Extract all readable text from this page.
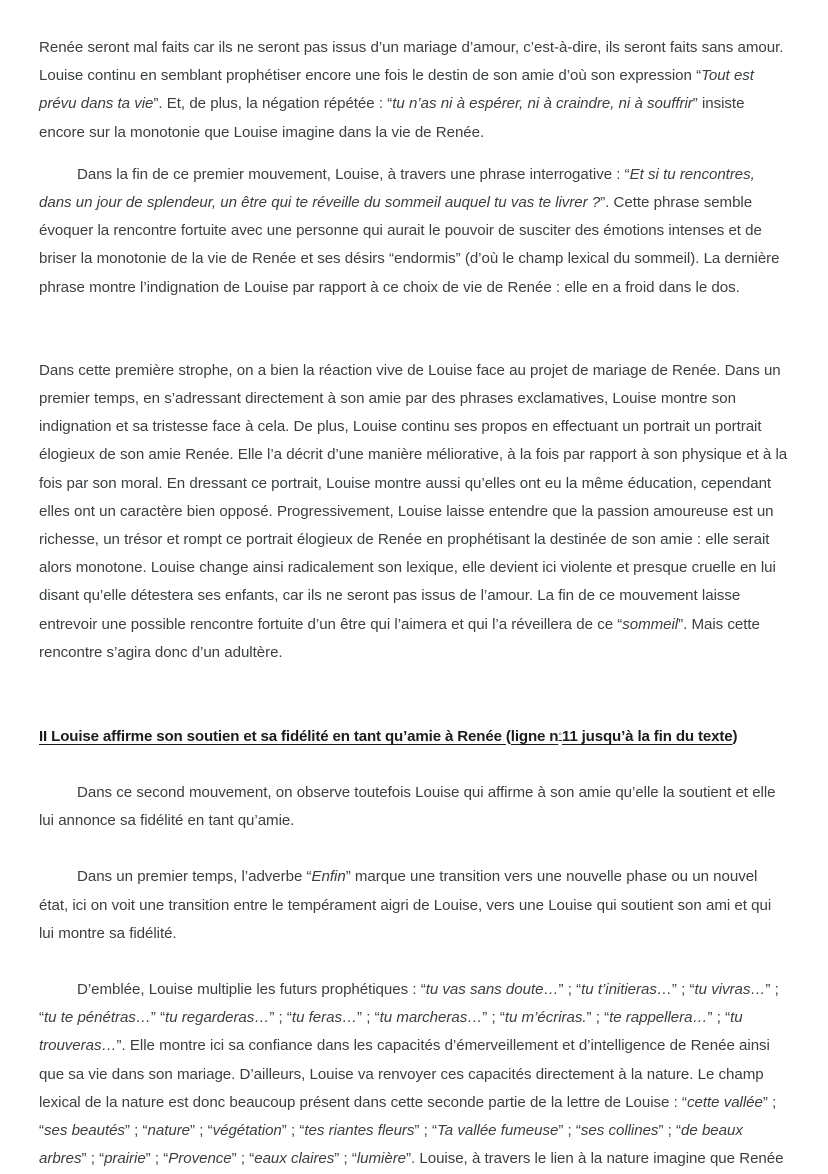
Renée seront mal faits car ils ne seront pas issus d’un mariage d’amour, c’est-à-dire, ils seront faits sans amour. Louise continu en semblant prophétiser encore une fois le destin de son amie d’où son expression “Tout est prévu dans ta vie”. Et, de plus, la négation répétée : “tu n’as ni à espérer, ni à craindre, ni à souffrir” insiste encore sur la monotonie que Louise imagine dans la vie de Renée.

Dans la fin de ce premier mouvement, Louise, à travers une phrase interrogative : “Et si tu rencontres, dans un jour de splendeur, un être qui te réveille du sommeil auquel tu vas te livrer ?”. Cette phrase semble évoquer la rencontre fortuite avec une personne qui aurait le pouvoir de susciter des émotions intenses et de briser la monotonie de la vie de Renée et ses désirs “endormis” (d’où le champ lexical du sommeil). La dernière phrase montre l’indignation de Louise par rapport à ce choix de vie de Renée : elle en a froid dans le dos.

Dans cette première strophe, on a bien la réaction vive de Louise face au projet de mariage de Renée. Dans un premier temps, en s’adressant directement à son amie par des phrases exclamatives, Louise montre son indignation et sa tristesse face à cela. De plus, Louise continu ses propos en effectuant un portrait un portrait élogieux de son amie Renée. Elle l’a décrit d’une manière méliorative, à la fois par rapport à son physique et à la fois par son moral. En dressant ce portrait, Louise montre aussi qu’elles ont eu la même éducation, cependant elles ont un caractère bien opposé. Progressivement, Louise laisse entendre que la passion amoureuse est un richesse, un trésor et rompt ce portrait élogieux de Renée en prophétisant la destinée de son amie : elle serait alors monotone. Louise change ainsi radicalement son lexique, elle devient ici violente et presque cruelle en lui disant qu’elle détestera ses enfants, car ils ne seront pas issus de l’amour. La fin de ce mouvement laisse entrevoir une possible rencontre fortuite d’un être qui l’aimera et qui l’a réveillera de ce “sommeil”. Mais cette rencontre s’agira donc d’un adultère.

II Louise affirme son soutien et sa fidélité en tant qu’amie à Renée (ligne n◦11 jusqu’à la fin du texte)

Dans ce second mouvement, on observe toutefois Louise qui affirme à son amie qu’elle la soutient et elle lui annonce sa fidélité en tant qu’amie.

Dans un premier temps, l’adverbe “Enfin” marque une transition vers une nouvelle phase ou un nouvel état, ici on voit une transition entre le tempérament aigri de Louise, vers une Louise qui soutient son ami et qui lui montre sa fidélité.

D’emblée, Louise multiplie les futurs prophétiques : “tu vas sans doute…” ; “tu t’initieras…” ; “tu vivras…” ; “tu te pénétras…” “tu regarderas…” ; “tu feras…” ; “tu marcheras…” ; “tu m’écriras.” ; “te rappellera…” ; “tu trouveras…”. Elle montre ici sa confiance dans les capacités d’émerveillement et d’intelligence de Renée ainsi que sa vie dans son mariage. D’ailleurs, Louise va renvoyer ces capacités directement à la nature. Le champ lexical de la nature est donc beaucoup présent dans cette seconde partie de la lettre de Louise : “cette vallée” ; “ses beautés” ; “nature” ; “végétation” ; “tes riantes fleurs” ; “Ta vallée fumeuse” ; “ses collines” ; “de beaux arbres” ; “prairie” ; “Provence” ; “eaux claires” ; “lumière”. Louise, à travers le lien à la nature imagine que Renée
